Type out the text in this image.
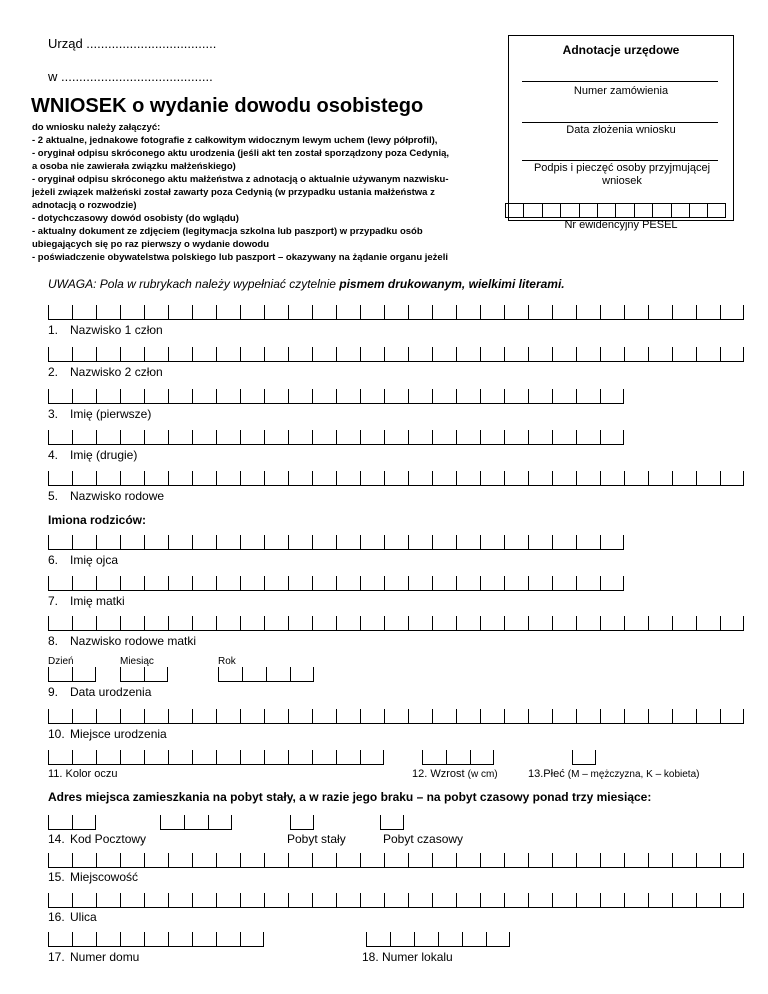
Urząd ....................................
w ..........................................
WNIOSEK o wydanie dowodu osobistego
do wniosku należy załączyć:
- 2 aktualne, jednakowe fotografie z całkowitym widocznym lewym uchem (lewy półprofil),
- oryginał odpisu skróconego aktu urodzenia (jeśli akt ten został sporządzony poza Cedynią,
a osoba nie zawierała związku małżeńskiego)
- oryginał odpisu skróconego aktu małżeństwa z adnotacją o aktualnie używanym nazwisku-
jeżeli związek małżeński został zawarty poza Cedynią (w przypadku ustania małżeństwa z
adnotacją o rozwodzie)
- dotychczasowy dowód osobisty (do wglądu)
- aktualny dokument ze zdjęciem (legitymacja szkolna lub paszport) w przypadku osób
ubiegających się po raz pierwszy o wydanie dowodu
- poświadczenie obywatelstwa polskiego lub paszport – okazywany na żądanie organu jeżeli
Adnotacje urzędowe
Numer zamówienia
Data złożenia wniosku
Podpis i pieczęć osoby przyjmującej wniosek
Nr ewidencyjny PESEL
UWAGA: Pola w rubrykach należy wypełniać czytelnie pismem drukowanym, wielkimi literami.
1. Nazwisko 1 człon
2. Nazwisko 2 człon
3. Imię (pierwsze)
4. Imię (drugie)
5. Nazwisko rodowe
Imiona rodziców:
6. Imię ojca
7. Imię matki
8. Nazwisko rodowe matki
Dzień	Miesiąc	Rok
9. Data urodzenia
10. Miejsce urodzenia
11. Kolor oczu	12. Wzrost (w cm)	13.Płeć (M – mężczyzna, K – kobieta)
Adres miejsca zamieszkania na pobyt stały, a w razie jego braku – na pobyt czasowy ponad trzy miesiące:
14. Kod Pocztowy	Pobyt stały	Pobyt czasowy
15. Miejscowość
16. Ulica
17. Numer domu	18. Numer lokalu
